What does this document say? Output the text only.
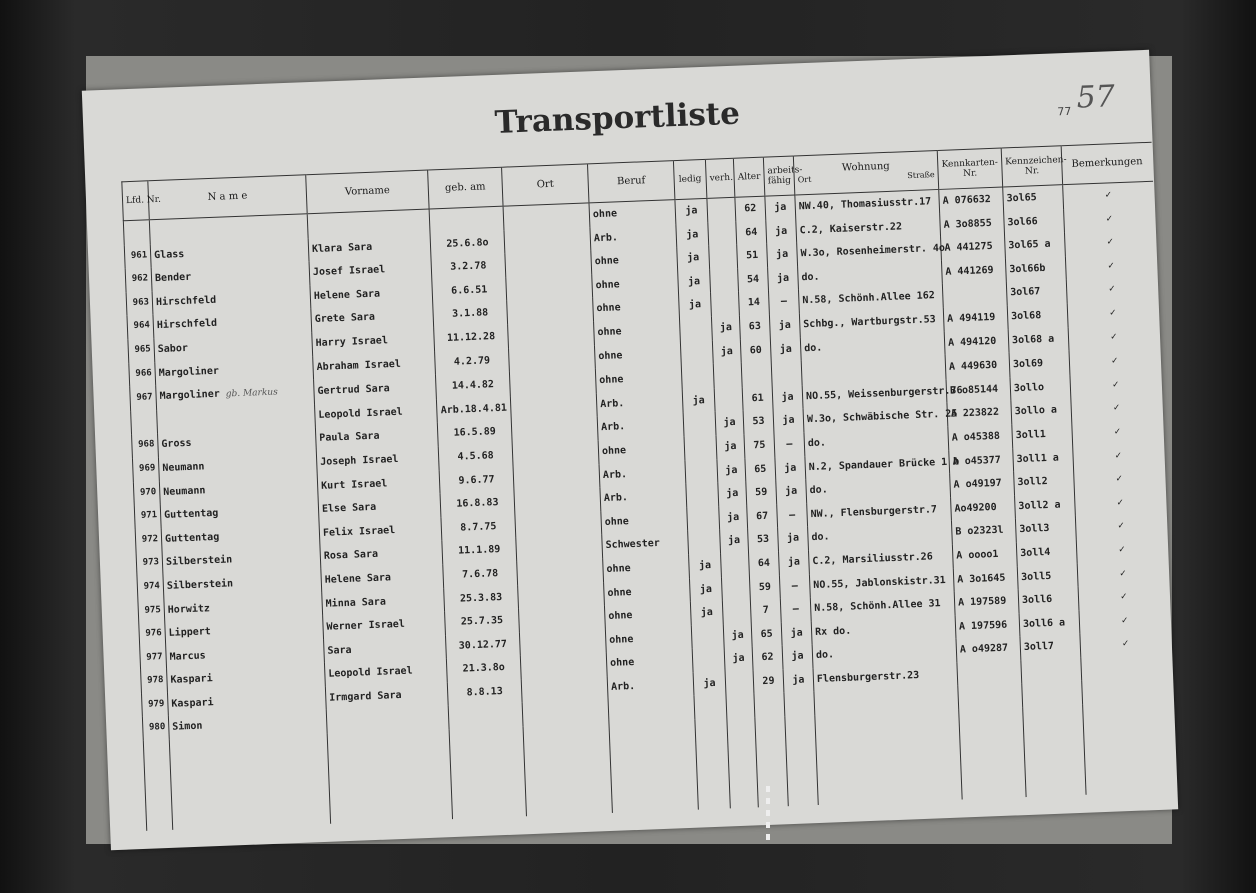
Transportliste	57
77
Lfd. Nr.	N a m e	Vorname	geb. am	Ort	Beruf	ledig	verh.	Alter	arbeits-fähig	Wohnung
Ort Straße	Kennkarten-Nr.	Kennzeichen-Nr.	Bemerkungen
					ohne	ja		62	ja	NW.40, Thomasiusstr.17	A 076632	3ol65	✓
961	Glass	Klara Sara	25.6.8o		Arb.	ja		64	ja	C.2, Kaiserstr.22	A 3o8855	3ol66	✓
962	Bender	Josef Israel	3.2.78		ohne	ja		51	ja	W.3o, Rosenheimerstr. 4o	A 441275	3ol65 a	✓
963	Hirschfeld	Helene Sara	6.6.51		ohne	ja		54	ja	do.	A 441269	3ol66b	✓
964	Hirschfeld	Grete Sara	3.1.88		ohne	ja		14	—	N.58, Schönh.Allee 162		3ol67	✓
965	Sabor	Harry Israel	11.12.28		ohne		ja	63	ja	Schbg., Wartburgstr.53	A 494119	3ol68	✓
966	Margoliner	Abraham Israel	4.2.79		ohne		ja	60	ja	do.	A 494120	3ol68 a	✓
967	Margoliner gb. Markus	Gertrud Sara	14.4.82		ohne						A 449630	3ol69	✓
		Leopold Israel	Arb.18.4.81		Arb.	ja		61	ja	NO.55, Weissenburgerstr.76	B o85144	3ollo	✓
968	Gross	Paula Sara	16.5.89		Arb.		ja	53	ja	W.3o, Schwäbische Str. 25	A 223822	3ollo a	✓
969	Neumann	Joseph Israel	4.5.68		ohne		ja	75	—	do.	A o45388	3oll1	✓
970	Neumann	Kurt Israel	9.6.77		Arb.		ja	65	ja	N.2, Spandauer Brücke 1 b	A o45377	3oll1 a	✓
971	Guttentag	Else Sara	16.8.83		Arb.		ja	59	ja	do.	A o49197	3oll2	✓
972	Guttentag	Felix Israel	8.7.75		ohne		ja	67	—	NW., Flensburgerstr.7	Ao49200	3oll2 a	✓
973	Silberstein	Rosa Sara	11.1.89		Schwester		ja	53	ja	do.	B o2323l	3oll3	✓
974	Silberstein	Helene Sara	7.6.78		ohne	ja		64	ja	C.2, Marsiliusstr.26	A oooo1	3oll4	✓
975	Horwitz	Minna Sara	25.3.83		ohne	ja		59	—	NO.55, Jablonskistr.31	A 3o1645	3oll5	✓
976	Lippert	Werner Israel	25.7.35		ohne	ja		7	—	N.58, Schönh.Allee 31	A 197589	3oll6	✓
977	Marcus	Sara	30.12.77		ohne		ja	65	ja	Rx do.	A 197596	3oll6 a	✓
978	Kaspari	Leopold Israel	21.3.8o		ohne		ja	62	ja	do.	A o49287	3oll7	✓
979	Kaspari	Irmgard Sara	8.8.13		Arb.	ja		29	ja	Flensburgerstr.23			
980	Simon												
